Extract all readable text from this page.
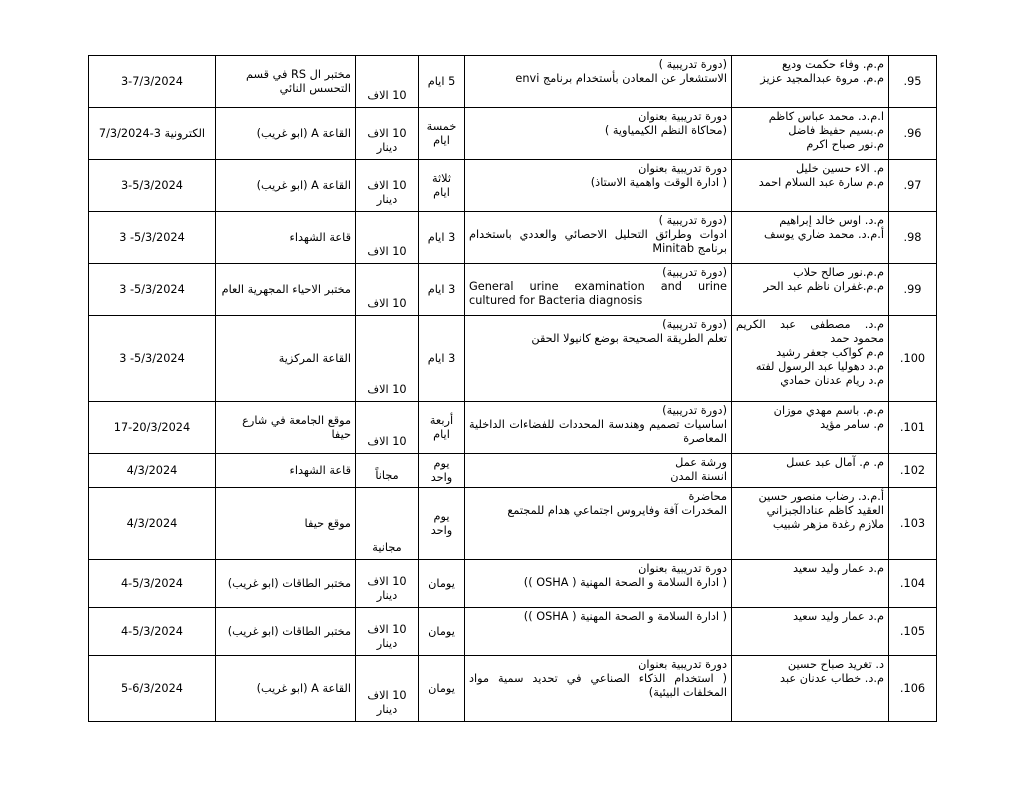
.95	م.م. وفاء حكمت وديع
م.م. مروة عبدالمجيد عزيز	(دورة تدريبية )
الاستشعار عن المعادن بأستخدام برنامج envi	5 ايام	10 الاف	مختبر ال RS في قسم التحسس النائي	3-7/3/2024
.96	ا.م.د. محمد عباس كاظم
م.بسيم حفيظ فاضل
م.نور صباح اكرم	دورة تدريبية بعنوان
(محاكاة النظم الكيمياوية )	خمسة ايام	10 الاف دينار	القاعة A (ابو غريب)	الكترونية 3-7/3/2024
.97	م. الاء حسين خليل
م.م سارة عبد السلام احمد	دورة تدريبية بعنوان
( ادارة الوقت واهمية الاستاذ)	ثلاثة ايام	10 الاف دينار	القاعة A (ابو غريب)	3-5/3/2024
.98	م.د. اوس خالد إبراهيم
أ.م.د. محمد ضاري يوسف	(دورة تدريبية )
ادوات وطرائق التحليل الاحصائي والعددي باستخدام برنامج Minitab	3 ايام	10 الاف	قاعة الشهداء	3 -5/3/2024
.99	م.م.نور صالح حلاب
م.م.غفران ناظم عبد الحر	(دورة تدريبية)
General urine examination and urine cultured for Bacteria diagnosis	3 ايام	10 الاف	مختبر الاحياء المجهرية العام	3 -5/3/2024
.100	م.د. مصطفى عبد الكريم محمود حمد
م.م كواكب جعفر رشيد
م.د دهوليا عبد الرسول لفته
م.د ريام عدنان حمادي	(دورة تدريبية)
تعلم الطريقة الصحيحة بوضع كانيولا الحقن	3 ايام	10 الاف	القاعة المركزية	3 -5/3/2024
.101	م.م. باسم مهدي موزان
م. سامر مؤيد	(دورة تدريبية)
اساسيات تصميم وهندسة المحددات للفضاءات الداخلية المعاصرة	أربعة ايام	10 الاف	موقع الجامعة في شارع حيفا	17-20/3/2024
.102	م. م. آمال عبد عسل	ورشة عمل
انسنة المدن	يوم واحد	مجاناً	قاعة الشهداء	4/3/2024
.103	أ.م.د. رضاب منصور حسين
العقيد كاظم عنادالجبزاني
ملازم رغدة مزهر شبيب	محاضرة
المخدرات آفة وفايروس اجتماعي هدام للمجتمع	يوم واحد	مجانية	موقع حيفا	4/3/2024
.104	م.د عمار وليد سعيد	دورة تدريبية بعنوان
( ادارة السلامة و الصحة المهنية ( OSHA ))	يومان	10 الاف دينار	مختبر الطاقات (ابو غريب)	4-5/3/2024
.105	م.د عمار وليد سعيد	( ادارة السلامة و الصحة المهنية ( OSHA ))	يومان	10 الاف دينار	مختبر الطاقات (ابو غريب)	4-5/3/2024
.106	د. تغريد صباح حسين
م.د. خطاب عدنان عبد	دورة تدريبية بعنوان
( استخدام الذكاء الصناعي في تحديد سمية مواد المخلفات البيئية)	يومان	10 الاف دينار	القاعة A (ابو غريب)	5-6/3/2024
